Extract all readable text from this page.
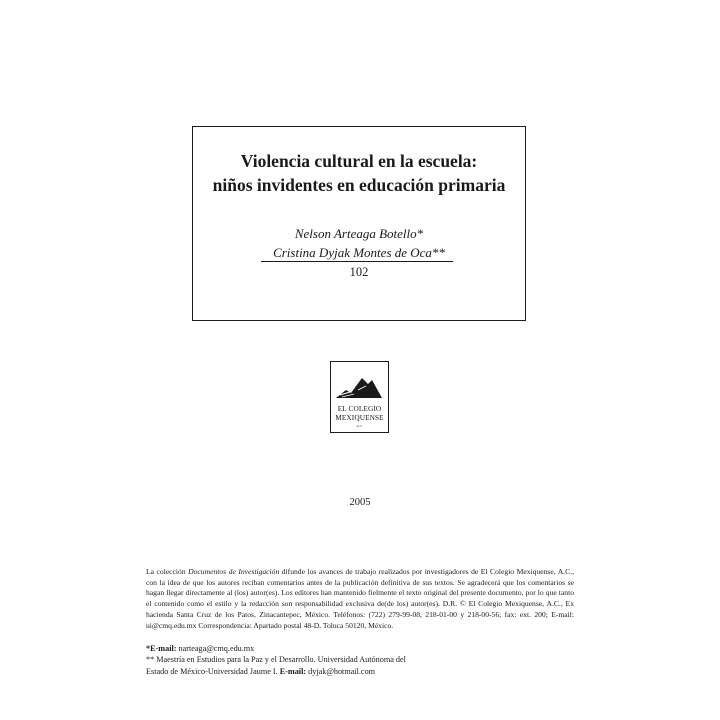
Violencia cultural en la escuela:
niños invidentes en educación primaria
Nelson Arteaga Botello*
Cristina Dyjak Montes de Oca**
102
EL COLEGIO
MEXIQUENSE
A.C.
2005
La colección Documentos de Investigación difunde los avances de trabajo realizados por investigadores de El Colegio Mexiquense, A.C., con la idea de que los autores reciban comentarios antes de la publicación definitiva de sus textos. Se agradecerá que los comentarios se hagan llegar directamente al (los) autor(es). Los editores han mantenido fielmente el texto original del presente documento, por lo que tanto el contenido como el estilo y la redacción son responsabilidad exclusiva de(de los) autor(es). D.R. © El Colegio Mexiquense, A.C., Ex hacienda Santa Cruz de los Patos, Zinacantepec, México. Teléfonos: (722) 279-99-08, 218-01-00 y 218-00-56; fax: ext. 200; E-mail: ui@cmq.edu.mx Correspondencia: Apartado postal 48-D, Toluca 50120, México.
*E-mail: narteaga@cmq.edu.mx
** Maestría en Estudios para la Paz y el Desarrollo. Universidad Autónoma del
Estado de México-Universidad Jaume I. E-mail: dyjak@hotmail.com
